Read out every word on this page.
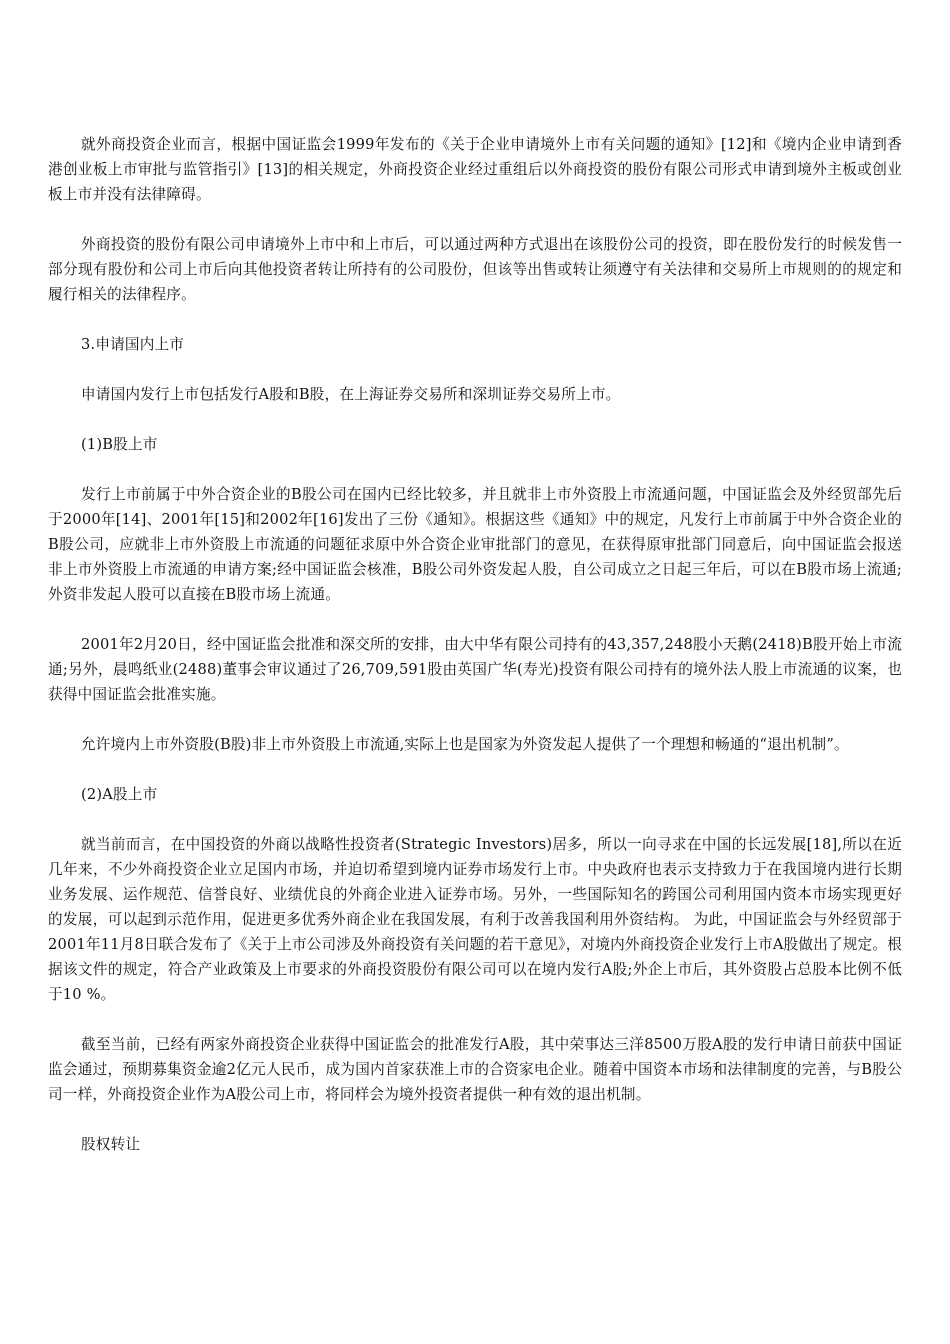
就外商投资企业而言，根据中国证监会1999年发布的《关于企业申请境外上市有关问题的通知》[12]和《境内企业申请到香港创业板上市审批与监管指引》[13]的相关规定，外商投资企业经过重组后以外商投资的股份有限公司形式申请到境外主板或创业板上市并没有法律障碍。

外商投资的股份有限公司申请境外上市中和上市后，可以通过两种方式退出在该股份公司的投资，即在股份发行的时候发售一部分现有股份和公司上市后向其他投资者转让所持有的公司股份，但该等出售或转让须遵守有关法律和交易所上市规则的的规定和履行相关的法律程序。

3.申请国内上市

申请国内发行上市包括发行A股和B股，在上海证券交易所和深圳证券交易所上市。

(1)B股上市

发行上市前属于中外合资企业的B股公司在国内已经比较多，并且就非上市外资股上市流通问题，中国证监会及外经贸部先后于2000年[14]、2001年[15]和2002年[16]发出了三份《通知》。根据这些《通知》中的规定，凡发行上市前属于中外合资企业的B股公司，应就非上市外资股上市流通的问题征求原中外合资企业审批部门的意见，在获得原审批部门同意后，向中国证监会报送非上市外资股上市流通的申请方案;经中国证监会核准，B股公司外资发起人股，自公司成立之日起三年后，可以在B股市场上流通;外资非发起人股可以直接在B股市场上流通。

2001年2月20日，经中国证监会批准和深交所的安排，由大中华有限公司持有的43,357,248股小天鹅(2418)B股开始上市流通;另外，晨鸣纸业(2488)董事会审议通过了26,709,591股由英国广华(寿光)投资有限公司持有的境外法人股上市流通的议案，也获得中国证监会批准实施。

允许境内上市外资股(B股)非上市外资股上市流通,实际上也是国家为外资发起人提供了一个理想和畅通的“退出机制”。

(2)A股上市

就当前而言，在中国投资的外商以战略性投资者(Strategic Investors)居多，所以一向寻求在中国的长远发展[18],所以在近几年来，不少外商投资企业立足国内市场，并迫切希望到境内证券市场发行上市。中央政府也表示支持致力于在我国境内进行长期业务发展、运作规范、信誉良好、业绩优良的外商企业进入证券市场。另外，一些国际知名的跨国公司利用国内资本市场实现更好的发展，可以起到示范作用，促进更多优秀外商企业在我国发展，有利于改善我国利用外资结构。 为此，中国证监会与外经贸部于2001年11月8日联合发布了《关于上市公司涉及外商投资有关问题的若干意见》，对境内外商投资企业发行上市A股做出了规定。根据该文件的规定，符合产业政策及上市要求的外商投资股份有限公司可以在境内发行A股;外企上市后，其外资股占总股本比例不低于10 %。

截至当前，已经有两家外商投资企业获得中国证监会的批准发行A股，其中荣事达三洋8500万股A股的发行申请日前获中国证监会通过，预期募集资金逾2亿元人民币，成为国内首家获准上市的合资家电企业。随着中国资本市场和法律制度的完善，与B股公司一样，外商投资企业作为A股公司上市，将同样会为境外投资者提供一种有效的退出机制。

股权转让
